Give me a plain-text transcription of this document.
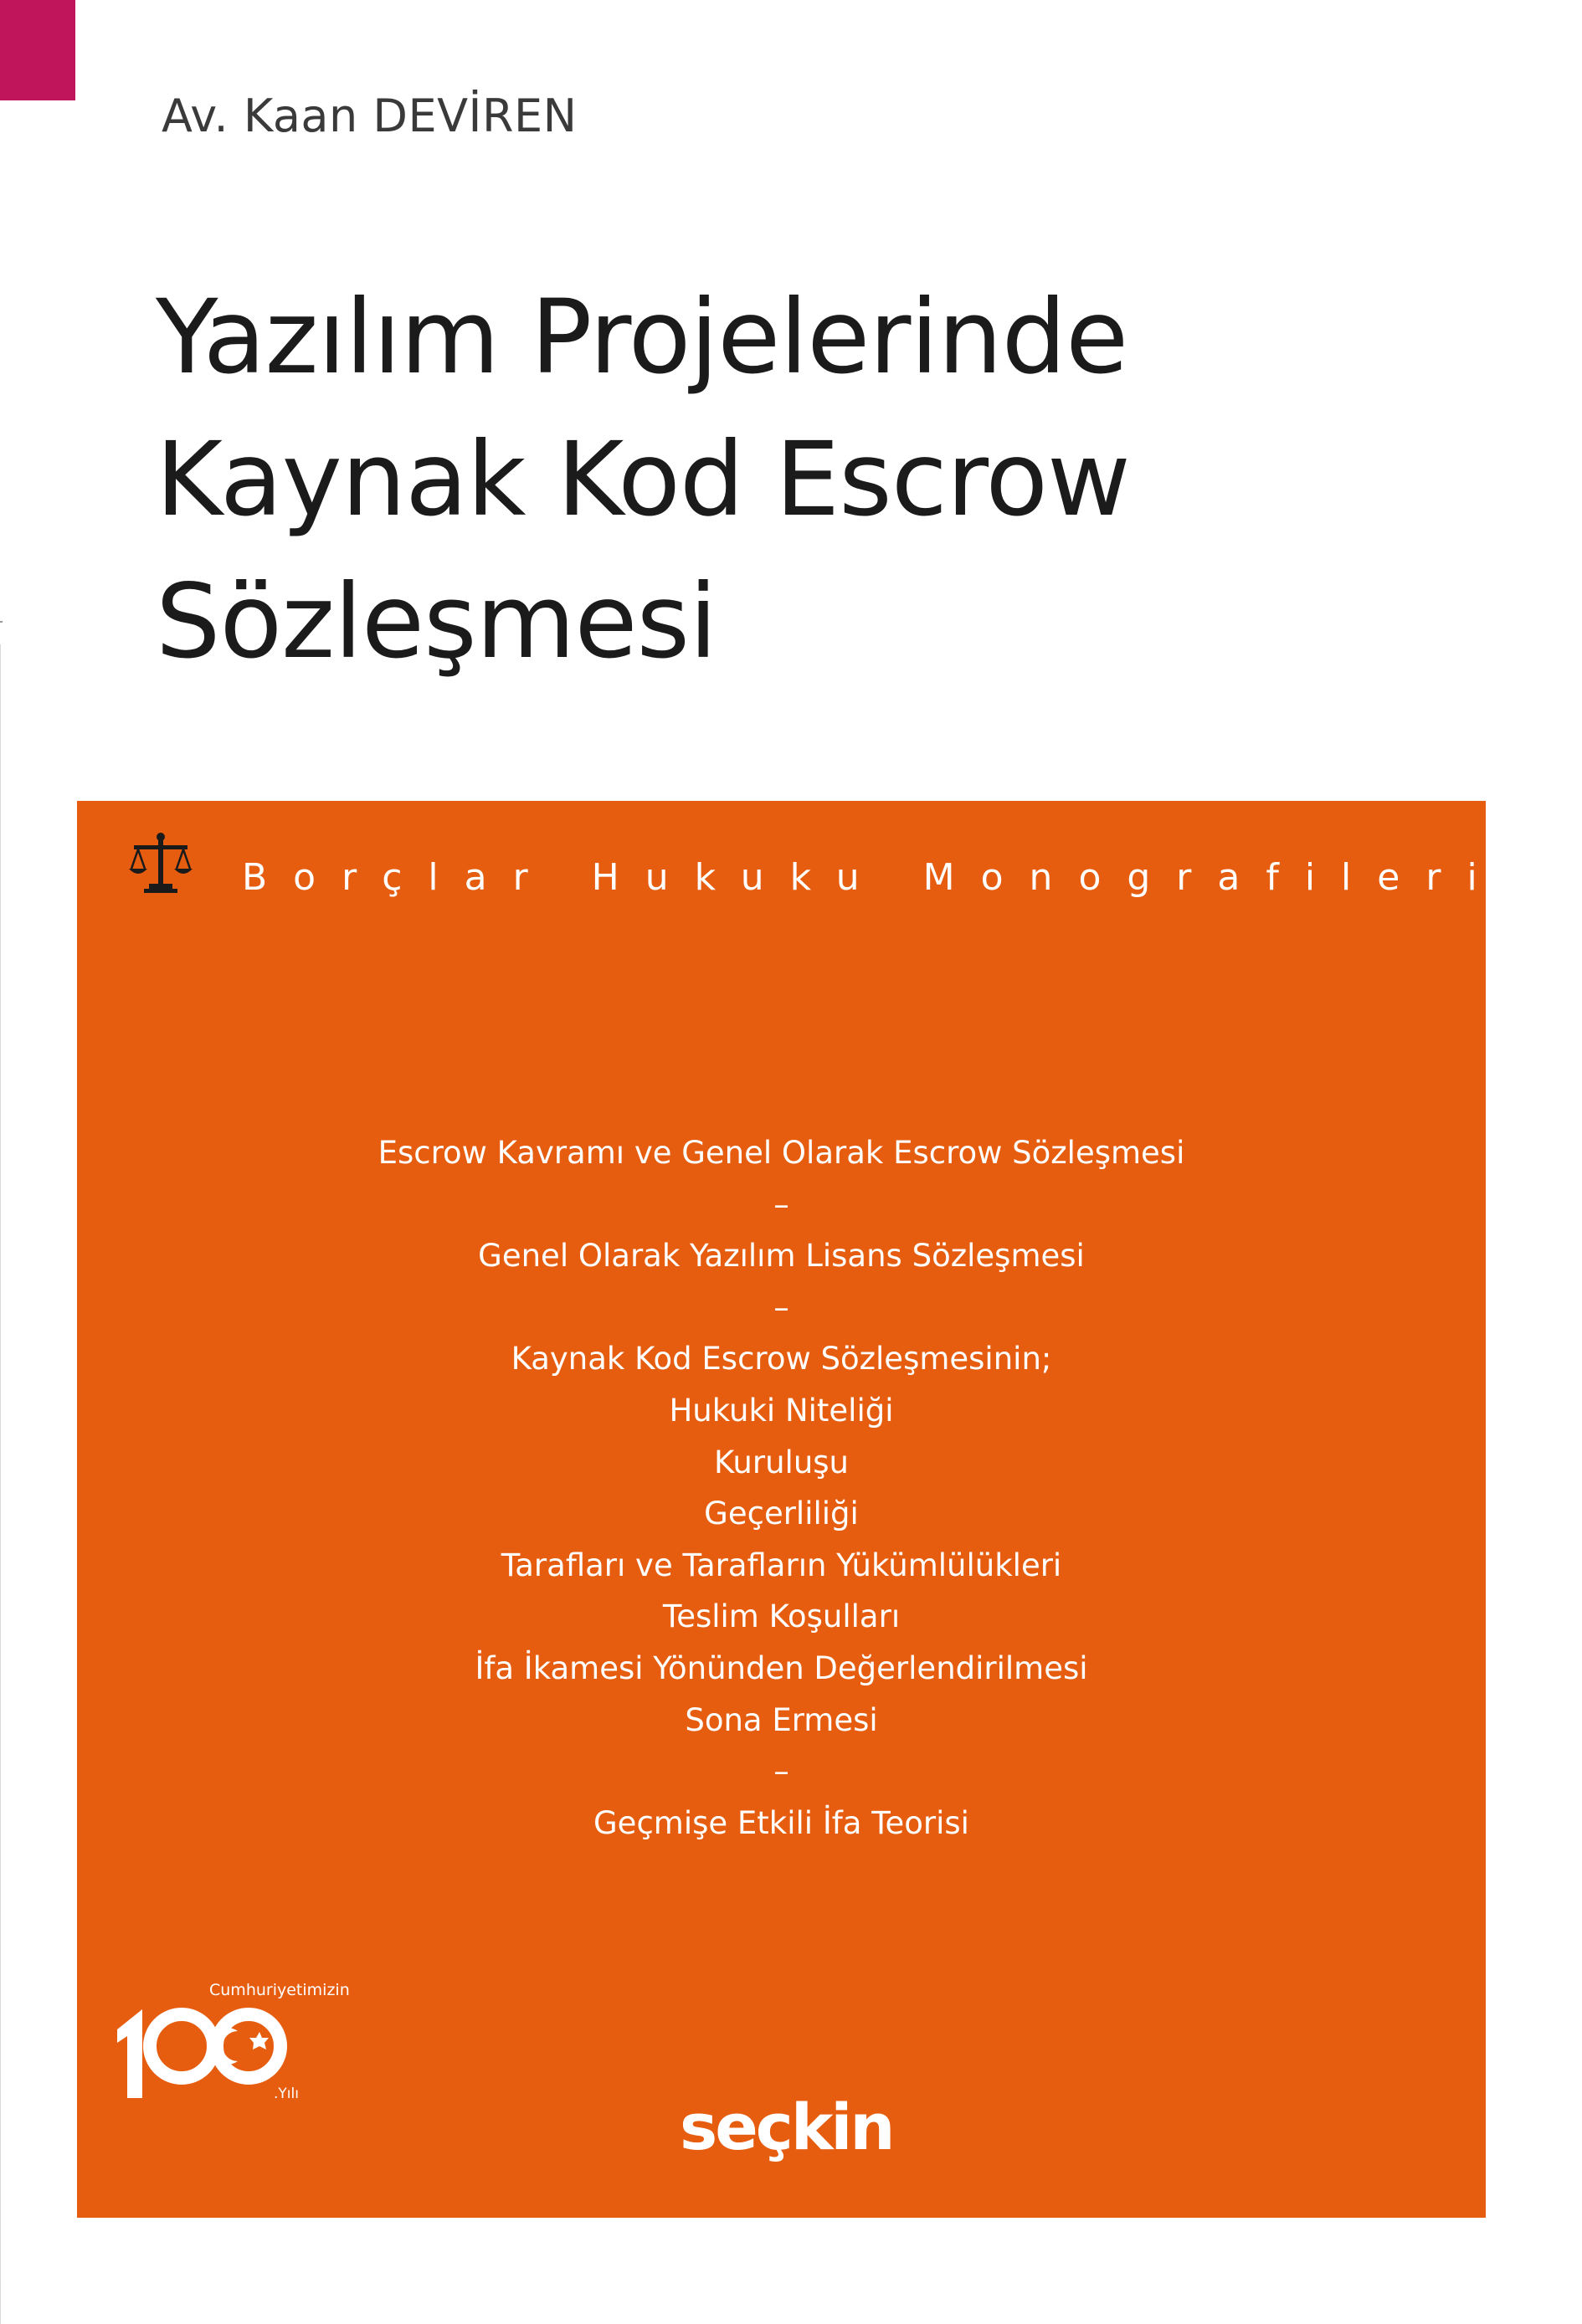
Av. Kaan DEVİREN
Yazılım Projelerinde
Kaynak Kod Escrow
Sözleşmesi
Borçlar Hukuku Monografileri
Escrow Kavramı ve Genel Olarak Escrow Sözleşmesi
–
Genel Olarak Yazılım Lisans Sözleşmesi
–
Kaynak Kod Escrow Sözleşmesinin;
Hukuki Niteliği
Kuruluşu
Geçerliliği
Tarafları ve Tarafların Yükümlülükleri
Teslim Koşulları
İfa İkamesi Yönünden Değerlendirilmesi
Sona Ermesi
–
Geçmişe Etkili İfa Teorisi
Cumhuriyetimizin
.Yılı	seçkin
